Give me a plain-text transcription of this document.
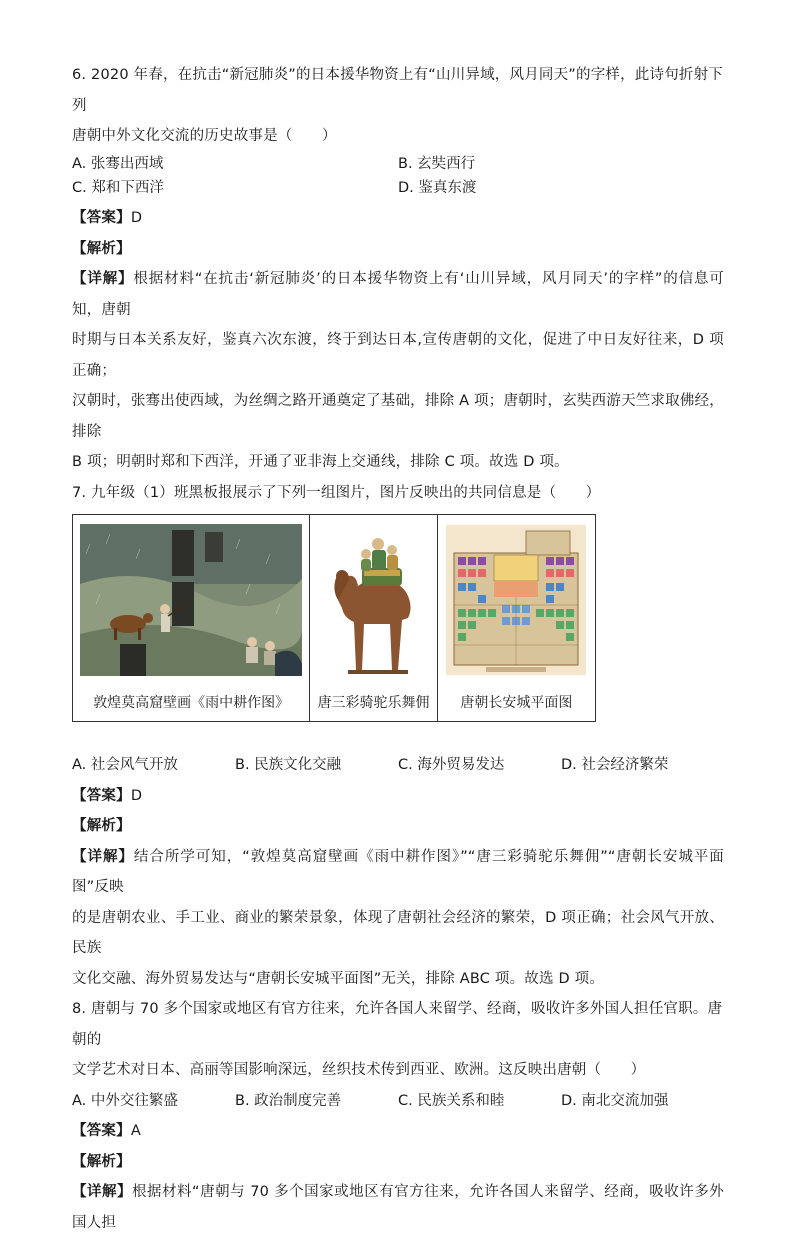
6. 2020 年春，在抗击“新冠肺炎”的日本援华物资上有“山川异域，风月同天”的字样，此诗句折射下列

唐朝中外文化交流的历史故事是（　　）

A. 张骞出西域	B. 玄奘西行
C. 郑和下西洋	D. 鉴真东渡

【答案】D

【解析】

【详解】根据材料“在抗击‘新冠肺炎’的日本援华物资上有‘山川异域，风月同天’的字样”的信息可知，唐朝

时期与日本关系友好，鉴真六次东渡，终于到达日本,宣传唐朝的文化，促进了中日友好往来，D 项正确；

汉朝时，张骞出使西域，为丝绸之路开通奠定了基础，排除 A 项；唐朝时，玄奘西游天竺求取佛经，排除

B 项；明朝时郑和下西洋，开通了亚非海上交通线，排除 C 项。故选 D 项。

7. 九年级（1）班黑板报展示了下列一组图片，图片反映出的共同信息是（　　）

敦煌莫高窟壁画《雨中耕作图》	唐三彩骑驼乐舞佣	唐朝长安城平面图
A. 社会风气开放	B. 民族文化交融	C. 海外贸易发达	D. 社会经济繁荣

【答案】D

【解析】

【详解】结合所学可知，“敦煌莫高窟壁画《雨中耕作图》”“唐三彩骑驼乐舞佣”“唐朝长安城平面图”反映

的是唐朝农业、手工业、商业的繁荣景象，体现了唐朝社会经济的繁荣，D 项正确；社会风气开放、民族

文化交融、海外贸易发达与“唐朝长安城平面图”无关，排除 ABC 项。故选 D 项。

8. 唐朝与 70 多个国家或地区有官方往来，允许各国人来留学、经商，吸收许多外国人担任官职。唐朝的

文学艺术对日本、高丽等国影响深远，丝织技术传到西亚、欧洲。这反映出唐朝（　　）

A. 中外交往繁盛	B. 政治制度完善	C. 民族关系和睦	D. 南北交流加强

【答案】A

【解析】

【详解】根据材料“唐朝与 70 多个国家或地区有官方往来，允许各国人来留学、经商，吸收许多外国人担
